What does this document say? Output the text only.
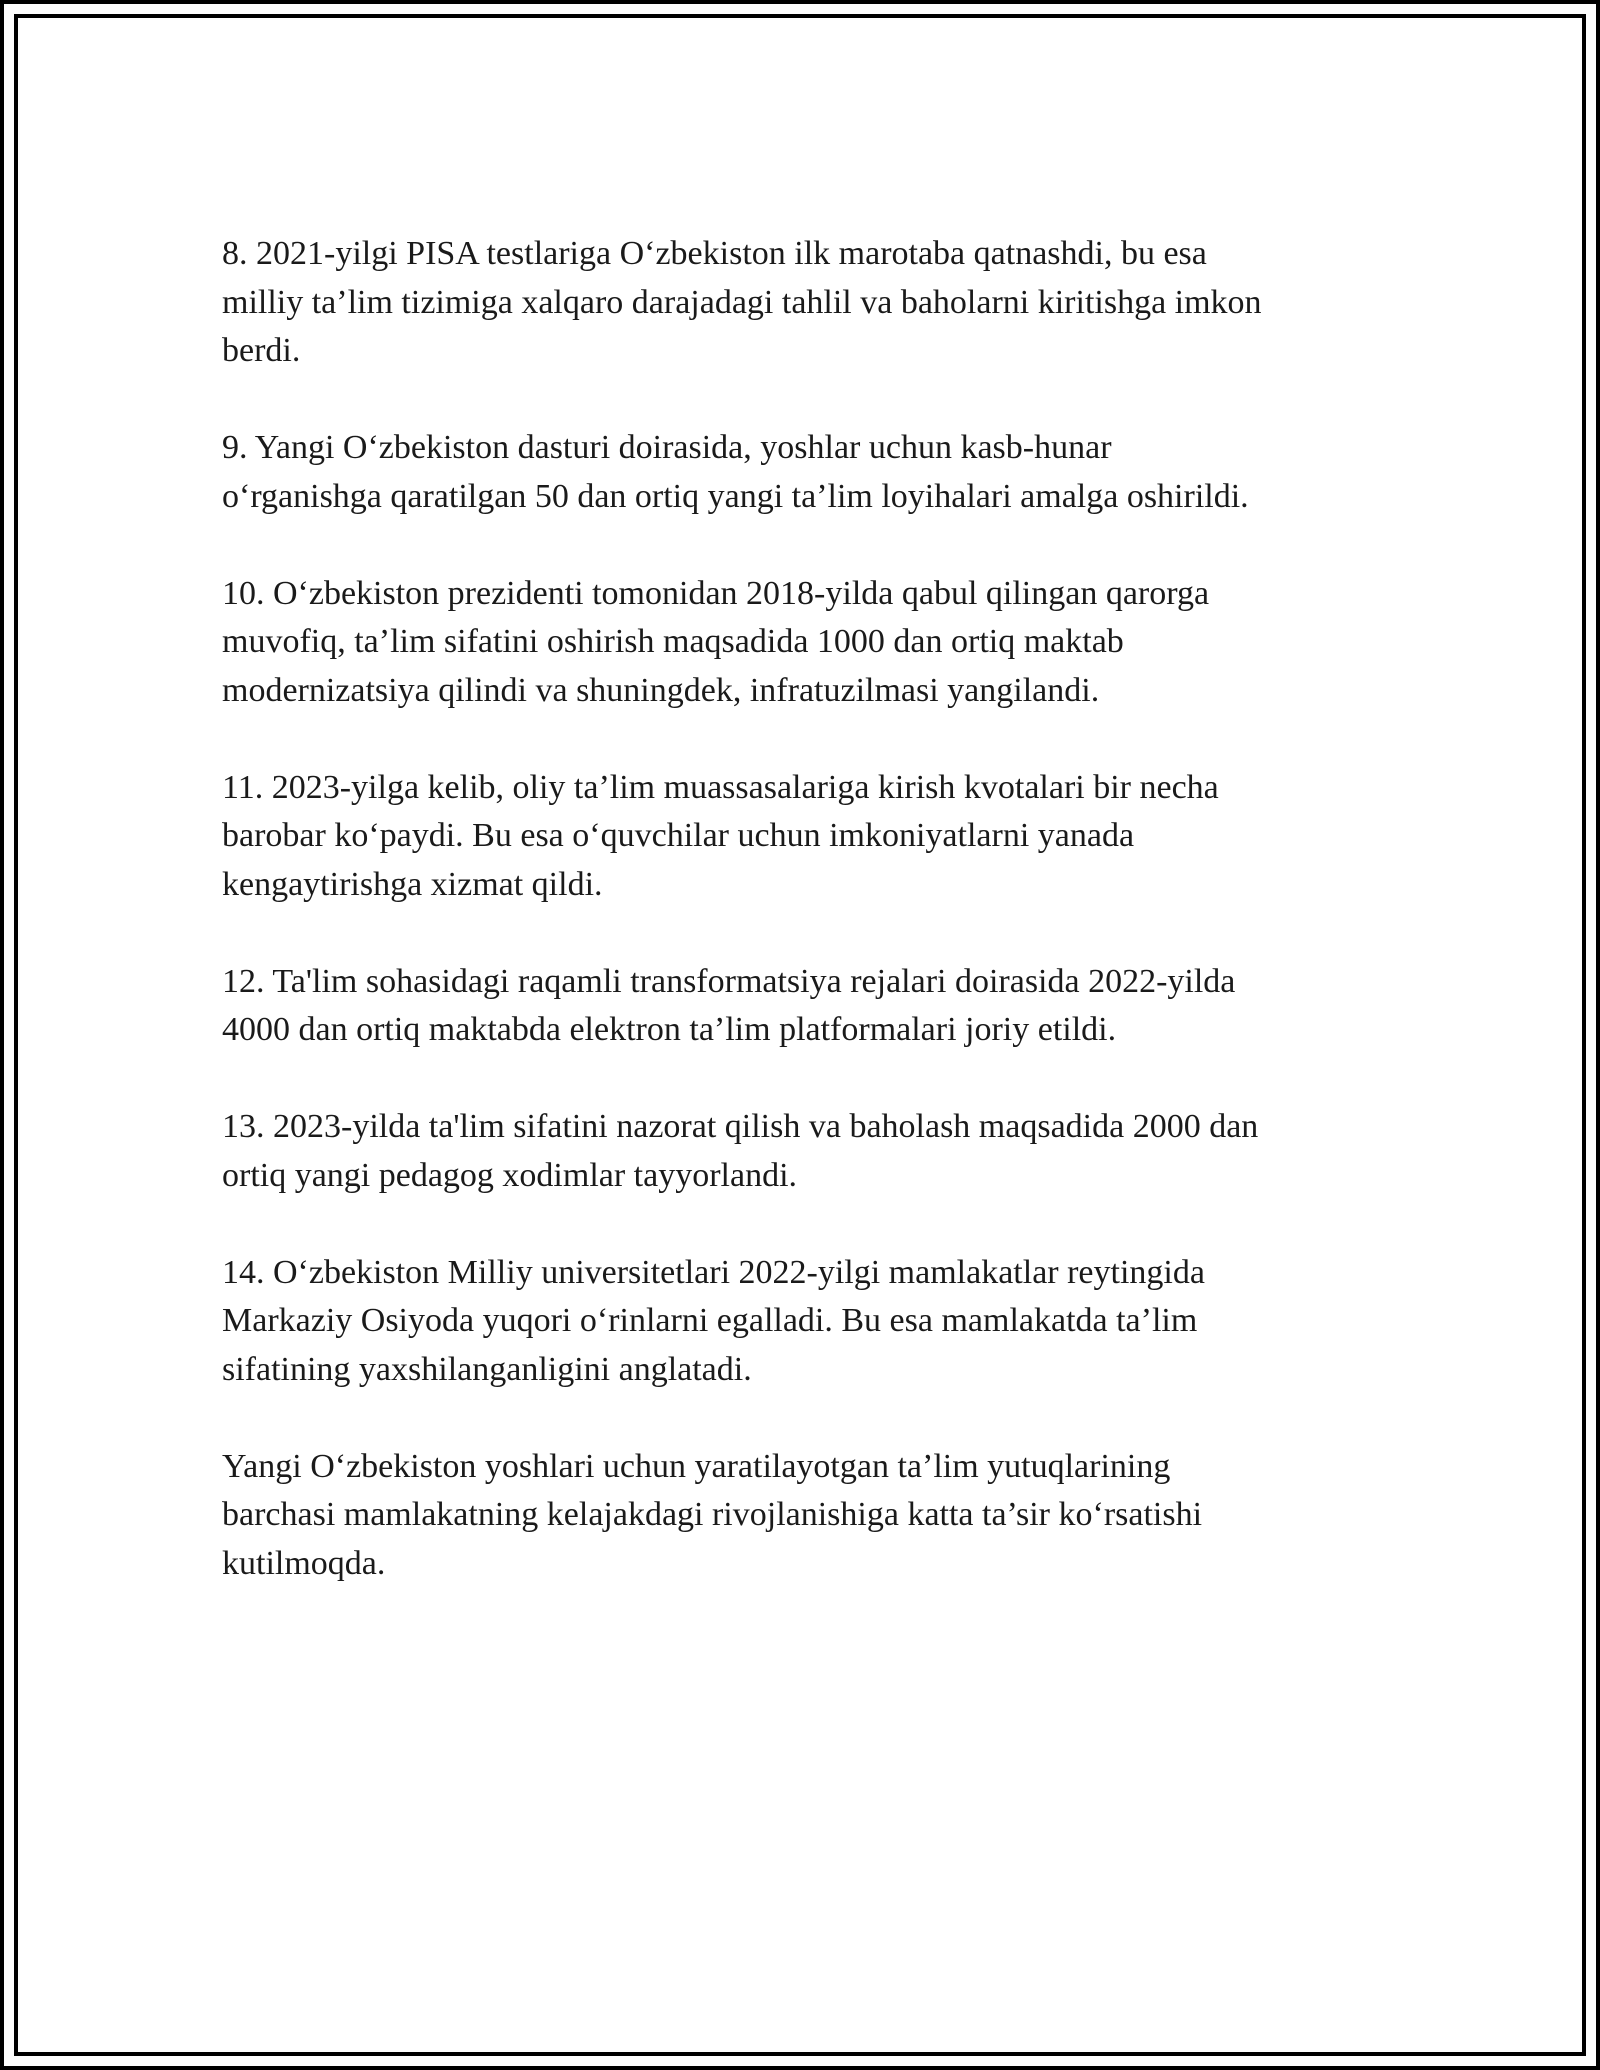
8. 2021-yilgi PISA testlariga O‘zbekiston ilk marotaba qatnashdi, bu esa
milliy ta’lim tizimiga xalqaro darajadagi tahlil va baholarni kiritishga imkon
berdi.

9. Yangi O‘zbekiston dasturi doirasida, yoshlar uchun kasb-hunar
o‘rganishga qaratilgan 50 dan ortiq yangi ta’lim loyihalari amalga oshirildi.

10. O‘zbekiston prezidenti tomonidan 2018-yilda qabul qilingan qarorga
muvofiq, ta’lim sifatini oshirish maqsadida 1000 dan ortiq maktab
modernizatsiya qilindi va shuningdek, infratuzilmasi yangilandi.

11. 2023-yilga kelib, oliy ta’lim muassasalariga kirish kvotalari bir necha
barobar ko‘paydi. Bu esa o‘quvchilar uchun imkoniyatlarni yanada
kengaytirishga xizmat qildi.

12. Ta'lim sohasidagi raqamli transformatsiya rejalari doirasida 2022-yilda
4000 dan ortiq maktabda elektron ta’lim platformalari joriy etildi.

13. 2023-yilda ta'lim sifatini nazorat qilish va baholash maqsadida 2000 dan
ortiq yangi pedagog xodimlar tayyorlandi.

14. O‘zbekiston Milliy universitetlari 2022-yilgi mamlakatlar reytingida
Markaziy Osiyoda yuqori o‘rinlarni egalladi. Bu esa mamlakatda ta’lim
sifatining yaxshilanganligini anglatadi.

Yangi O‘zbekiston yoshlari uchun yaratilayotgan ta’lim yutuqlarining
barchasi mamlakatning kelajakdagi rivojlanishiga katta ta’sir ko‘rsatishi
kutilmoqda.
